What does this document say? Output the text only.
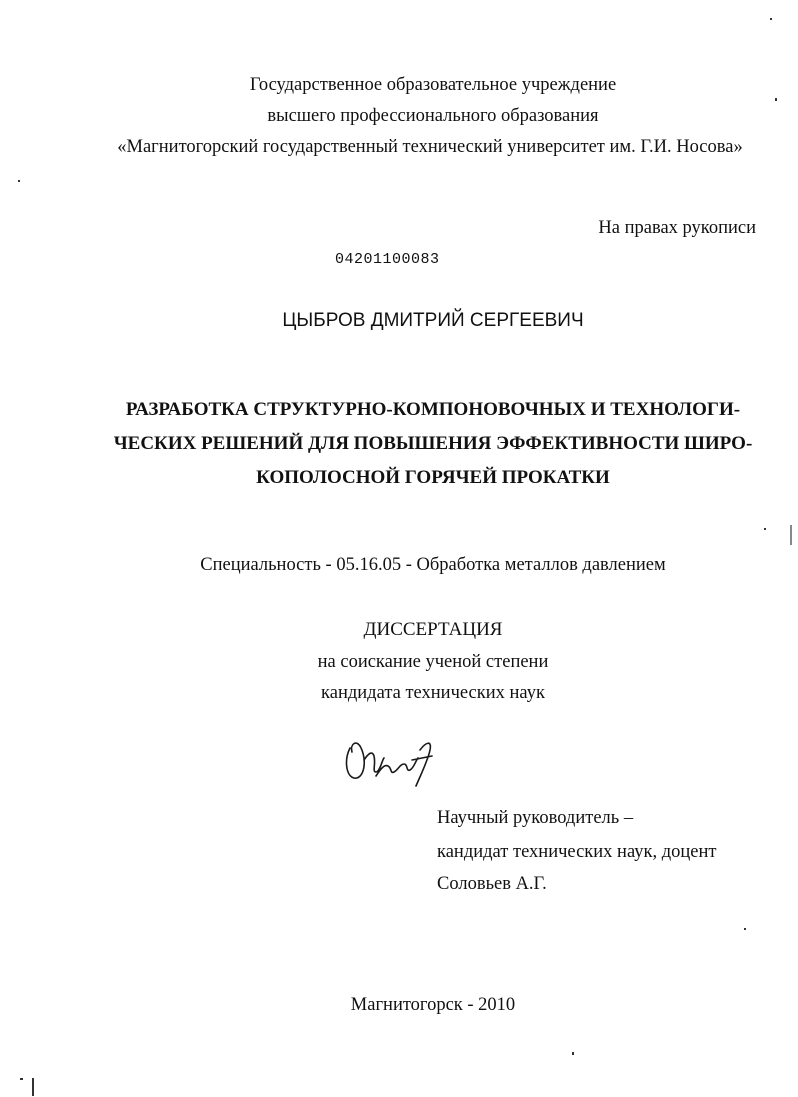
Государственное образовательное учреждение
высшего профессионального образования
«Магнитогорский государственный технический университет им. Г.И. Носова»
На правах рукописи
04201100083
ЦЫБРОВ ДМИТРИЙ СЕРГЕЕВИЧ
РАЗРАБОТКА СТРУКТУРНО-КОМПОНОВОЧНЫХ И ТЕХНОЛОГИ-
ЧЕСКИХ РЕШЕНИЙ ДЛЯ ПОВЫШЕНИЯ ЭФФЕКТИВНОСТИ ШИРО-
КОПОЛОСНОЙ ГОРЯЧЕЙ ПРОКАТКИ
Специальность - 05.16.05 - Обработка металлов давлением
ДИССЕРТАЦИЯ
на соискание ученой степени
кандидата технических наук
Научный руководитель –
кандидат технических наук, доцент
Соловьев А.Г.
Магнитогорск - 2010
